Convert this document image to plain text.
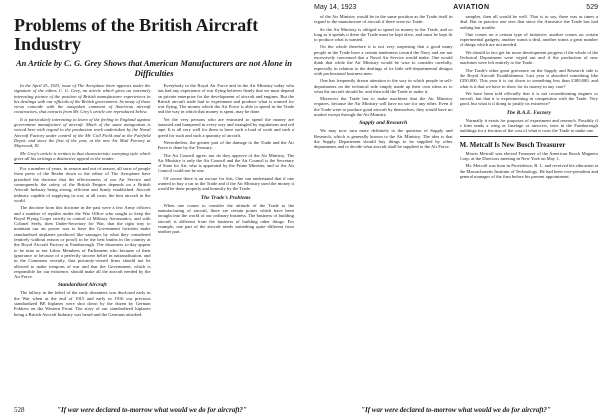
Problems of the British Aircraft Industry
An Article by C. G. Grey Shows that American Manufacturers are not Alone in Difficulties

In the April 25, 1923, issue of The Aeroplane there appears under the signature of the editor, C. G. Grey, an article which gives an extremely interesting picture of the position of British manufacturer experiences in his dealings with our officials of the British government. So many of these views coincide with the outspoken comment of American aircraft constructors, that extracts from Mr. Grey's article are reproduced below.

It is particularly interesting to learn of the feeling in England against government manufacture of aircraft. Much of the same antagonism is voiced here with regard to the production work undertaken by the Naval Aircraft Factory under control of the Mr. Coll Field and at the Fairfield Depot, and since the first of the year, at the new Air Mail Factory at Maywood, Ill.

Mr. Grey's article is written in that characteristic sweeping style which gives all his writings a distinctive appeal to the reader.

For a number of years, in season and out of season, all sorts of people from peers of the Realm down to the editor of The Aeroplane have preached the doctrine that the effectiveness of our Air Service and consequently the safety of the British Empire depends on a British Aircraft Industry being strong, efficient and firmly established. Aircraft industry capable of supplying in war, at all costs, the best aircraft in the world.

The doctrine from this doctrine in the past were a few Army officers and a number of reptiles under the War Office who sought to keep the Royal Flying Corps strictly in control of Military Aeronautics, and with Colonel Seely, then Under-Secretary for War, that the right way to maintain our air power was to have the Government factories make standardised airplanes produced like sausages by what they considered (entirely without reason or proof) to be the best brains in the country at the Royal Aircraft Factory at Farnborough. The dissenters to-day appear to be nine or ten Labor Members of Parliament who because of their ignorance or because of a perfectly sincere belief in nationalisation, and in the Commons recently, that privately-owned firms should not be allowed to make weapons of war and that the Government, which is responsible for our existence, should make all the aircraft needed by the Air Force.

Standardized Aircraft

The fallacy in the belief of the early dissenters was disclosed early in the War when at the end of 1915 and early in 1916 our precious standardized BE biplanes were shot down by the dozen by German Fokkers on the Western Front. The story of our standardized biplanes being a British Aircraft Industry was heard and the Germans attacked.

Everybody in the Royal Air Force and in the Air Ministry today who has had any experience of war flying believes firmly that we must depend on private enterprise for the development of aircraft and engines. But the British aircraft trade had to experiment and produce what is wanted for war flying. The money which the Air Force is able to spend in the Trade and the way in which that money is spent, may be done.

Yet the very persons who are entrusted to spend the money are harassed and hampered in every way and strangled by regulations and red tape. It is all very well for them to have such a load of work and such a speed for such and such a quantity of aircraft.

Nevertheless, the greater part of the damage to the Trade and the Air Force is done by the Treasury.

The Air Council agree, nor do they approve of the Air Ministry. The Air Ministry is only the Air Council and the Air Council is the Secretary of State for Air, who is appointed by the Prime Minister, and so the Air Council could not be one.

Of course there is an excuse for this. One can understand that if one wanted to buy a car in the Trade and if the Air Ministry used the money it would be done properly and honestly by the Trade.

The Trade's Problems

When one comes to consider the attitude of the Trade to the manufacturing of aircraft, there are certain points which have been brought into the world of our ordinary business. The business of building aircraft is different from the business of building other things. For example, one part of the aircraft needs something quite different from another part.

528	"If war were declared to-morrow what would we do for aircraft?"
May 14, 1923	AVIATION	529

of the Air Ministry would be in the same position as the Trade itself in regard to the manufacture of aircraft if there were no Trade.

So the Air Ministry is obliged to spend its money in the Trade, and so long as it spends it there the Trade must be kept alive, and must be kept fit to produce what is wanted.

On the whole therefore it is not very surprising that a good many people in the Trade have a certain tenderness toward the Navy and are not excessively concerned that a Naval Air Service would make. One would think that while the Air Ministry would be wise to consider carefully, especially in relation to the dealings of its little self-departmental designs with professional business men.

One has frequently drawn attention to the way in which people in self-departments on the technical side simply made up their own ideas as to what the aircraft should be, and then told the Trade to make it.

Moreover the Trade has to make machines that the Air Ministry requires, because the Air Ministry will have no use for any other. Even if the Trade were to produce good aircraft by themselves, they would have no market except through the Air Ministry.

Supply and Research

We may now turn more definitely to the question of Supply and Research, which is generally known to the Air Ministry. The idea is that the Supply Department should buy things to be supplied by other departments and to decide what aircraft shall be supplied to the Air Force.

samples, then all would be well. That is to say, there was at times a deal. But in practice one sees that since the Armistice the Trade has had nothing but trouble.

One comes on a certain type of initiative; another comes on certain experimental gadgets; another wants a deal, another wants a great number of things which are not needed.

We should in fact get far more development progress if the whole of the Technical Department were wiped out and if the production of new machines were left entirely to the Trade.

The Trade's other great grievance on the Supply and Research side is the Royal Aircraft Establishment. Last year it absorbed something like £350,000. This year it is cut down to something less than £300,000, and what is it that we have to show for its money in any case?

We have been told officially that it is not reconditioning engines or aircraft, but that it is experimenting in competition with the Trade. Very good, but what is it doing to justify its existence?

The R.A.E. Factory

Normally it exists for purposes of experiment and research. Possibly if a firm sends a wing or fuselage or airscrew, tests in the Farnborough buildings for a fraction of the cost of what it costs the Trade to make one.

M. Metcalf Is New Bosch Treasurer

Morris Metcalf was elected Treasurer of the American Bosch Magneto Corp. at the Directors meeting in New York on May 1.

Mr. Metcalf was born in Providence, R. I., and received his education at the Massachusetts Institute of Technology. He had been vice-president and general manager of the firm before his present appointment.

"If war were declared to-morrow what would we do for aircraft?"
